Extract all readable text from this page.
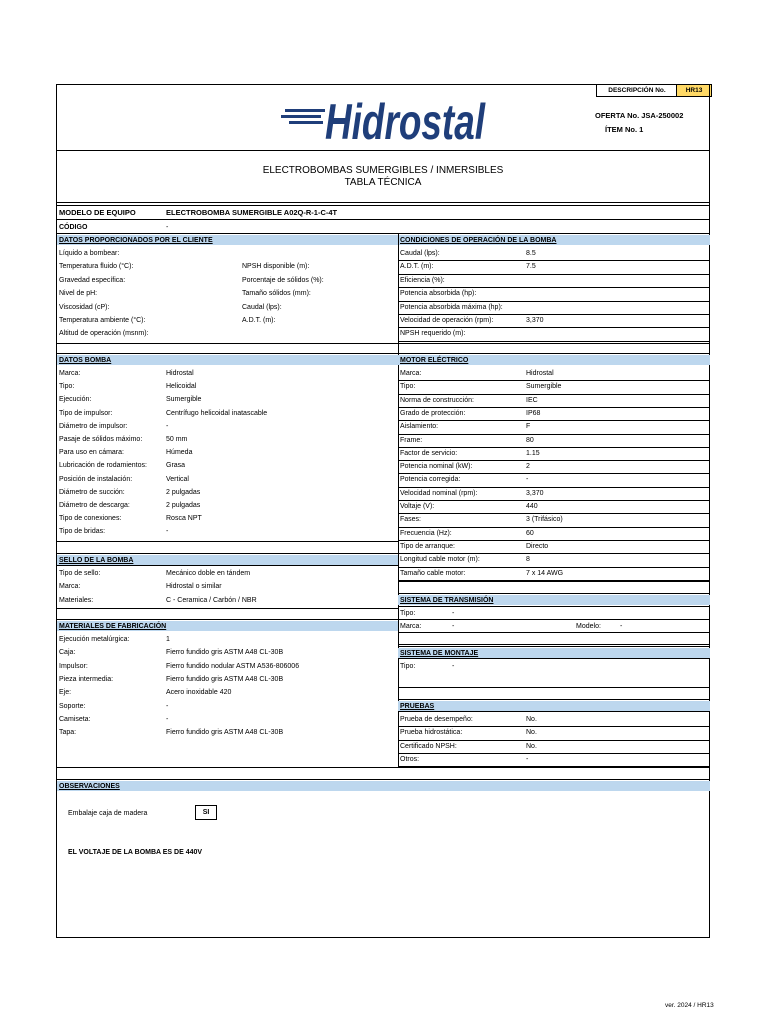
DESCRIPCIÓN No.	HR13
Hidrostal	OFERTA No. JSA-250002
ÍTEM No. 1
ELECTROBOMBAS SUMERGIBLES / INMERSIBLES
TABLA TÉCNICA
MODELO DE EQUIPO	ELECTROBOMBA SUMERGIBLE A02Q-R-1-C-4T
CÓDIGO	-
DATOS PROPORCIONADOS POR EL CLIENTE	CONDICIONES DE OPERACIÓN DE LA BOMBA
Líquido a bombear:
Temperatura fluido (°C):	NPSH disponible (m):
Gravedad específica:	Porcentaje de sólidos (%):
Nivel de pH:	Tamaño sólidos (mm):
Viscosidad (cP):	Caudal (lps):
Temperatura ambiente (°C):	A.D.T. (m):
Altitud de operación (msnm):
Caudal (lps):	8.5
A.D.T. (m):	7.5
Eficiencia (%):
Potencia absorbida (hp):
Potencia absorbida máxima (hp):
Velocidad de operación (rpm):	3,370
NPSH requerido (m):
DATOS BOMBA	MOTOR ELÉCTRICO
Marca:	Hidrostal
Tipo:	Helicoidal
Ejecución:	Sumergible
Tipo de impulsor:	Centrífugo helicoidal inatascable
Diámetro de impulsor:	-
Pasaje de sólidos máximo:	50 mm
Para uso en cámara:	Húmeda
Lubricación de rodamientos:	Grasa
Posición de instalación:	Vertical
Diámetro de succión:	2 pulgadas
Diámetro de descarga:	2 pulgadas
Tipo de conexiones:	Rosca NPT
Tipo de bridas:	-
Marca:	Hidrostal
Tipo:	Sumergible
Norma de construcción:	IEC
Grado de protección:	IP68
Aislamiento:	F
Frame:	80
Factor de servicio:	1.15
Potencia nominal (kW):	2
Potencia corregida:	-
Velocidad nominal (rpm):	3,370
Voltaje (V):	440
Fases:	3 (Trifásico)
Frecuencia (Hz):	60
Tipo de arranque:	Directo
Longitud cable motor (m):	8
Tamaño cable motor:	7 x 14 AWG
SELLO DE LA BOMBA
Tipo de sello:	Mecánico doble en tándem
Marca:	Hidrostal o similar
Materiales:	C - Ceramica / Carbón / NBR	SISTEMA DE TRANSMISIÓN
Tipo:	-
Marca:	-	Modelo:	-
MATERIALES DE FABRICACIÓN
Ejecución metalúrgica:	1
Caja:	Fierro fundido gris ASTM A48 CL-30B
Impulsor:	Fierro fundido nodular ASTM A536-806006
Pieza intermedia:	Fierro fundido gris ASTM A48 CL-30B
Eje:	Acero inoxidable 420
Soporte:	-
Camiseta:	-
Tapa:	Fierro fundido gris ASTM A48 CL-30B
SISTEMA DE MONTAJE
Tipo:	-
PRUEBAS
Prueba de desempeño:	No.
Prueba hidrostática:	No.
Certificado NPSH:	No.
Otros:	-
OBSERVACIONES
Embalaje caja de madera	SI
EL VOLTAJE DE LA BOMBA ES DE 440V
ver. 2024 / HR13
